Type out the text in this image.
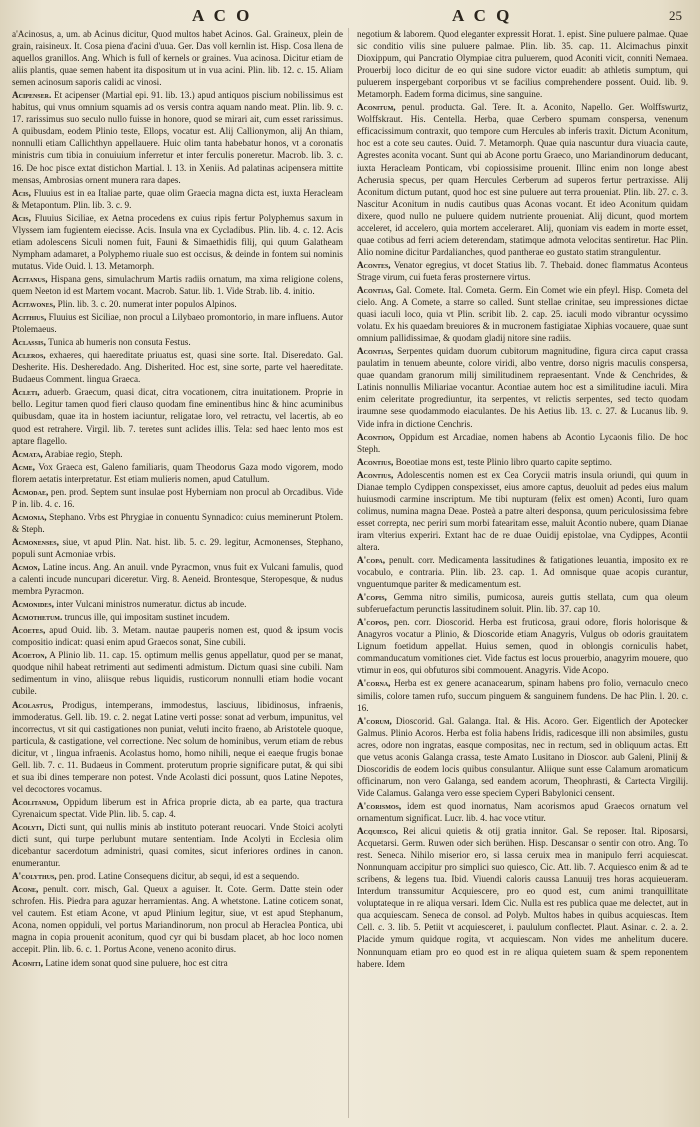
A C O	A C Q	25

a'Acinosus, a, um. ab Acinus dicitur, Quod multos habet Acinos. Gal. Graineux, plein de grain, raisineux. It. Cosa piena d'acini d'uua. Ger. Das voll kernlin ist. Hisp. Cosa llena de aquellos granillos. Ang. Which is full of kernels or graines. Vua acinosa. Dicitur etiam de aliis plantis, quae semen habent ita dispositum ut in vua acini. Plin. lib. 12. c. 15. Aliam semen acinosum saporis calidi ac vinosi.

Acipenser. Et acipenser (Martial epi. 91. lib. 13.) apud antiquos piscium nobilissimus est habitus, qui vnus omnium squamis ad os versis contra aquam nando meat. Plin. lib. 9. c. 17. rarissimus suo seculo nullo fuisse in honore, quod se mirari ait, cum esset rarissimus. A quibusdam, eodem Plinio teste, Ellops, vocatur est. Alij Callionymon, alij An thiam, nonnulli etiam Callichthyn appellauere. Huic olim tanta habebatur honos, vt a coronatis ministris cum tibia in conuiuium inferretur et inter ferculis poneretur. Macrob. lib. 3. c. 16. De hoc pisce extat distichon Martial. l. 13. in Xeniis. Ad palatinas acipensera mittite mensas, Ambrosias ornent munera rara dapes.

Acis, Fluuius est in ea Italiae parte, quae olim Graecia magna dicta est, iuxta Heracleam & Metapontum. Plin. lib. 3. c. 9.

Acis, Fluuius Siciliae, ex Aetna procedens ex cuius ripis fertur Polyphemus saxum in Vlyssem iam fugientem eiecisse. Acis. Insula vna ex Cycladibus. Plin. lib. 4. c. 12. Acis etiam adolescens Siculi nomen fuit, Fauni & Simaethidis filij, qui quum Galatheam Nympham adamaret, a Polyphemo riuale suo est occisus, & deinde in fontem sui nominis mutatus. Vide Ouid. l. 13. Metamorph.

Acitanus, Hispana gens, simulachrum Martis radiis ornatum, ma xima religione colens, quem Neeton id est Martem vocant. Macrob. Satur. lib. 1. Vide Strab. lib. 4. initio.

Acitavones, Plin. lib. 3. c. 20. numerat inter populos Alpinos.

Acithius, Fluuius est Siciliae, non procul a Lilybaeo promontorio, in mare influens. Autor Ptolemaeus.

Aclassis, Tunica ab humeris non consuta Festus.

Acleros, exhaeres, qui haereditate priuatus est, quasi sine sorte. Ital. Diseredato. Gal. Desherite. His. Desheredado. Ang. Disherited. Hoc est, sine sorte, parte vel haereditate. Budaeus Comment. lingua Graeca.

Acleti, aduerb. Graecum, quasi dicat, citra vocationem, citra inuitationem. Proprie in bello. Legitur tamen quod fieri clauso quodam fine eminentibus hinc & hinc acuminibus quibusdam, quae ita in hostem iaciuntur, religatae loro, vel retractu, vel lacertis, ab eo quod est retrahere. Virgil. lib. 7. teretes sunt aclides illis. Tela: sed haec lento mos est aptare flagello.

Acmata, Arabiae regio, Steph.

Acme, Vox Graeca est, Galeno familiaris, quam Theodorus Gaza modo vigorem, modo florem aetatis interpretatur. Est etiam mulieris nomen, apud Catullum.

Acmodae, pen. prod. Septem sunt insulae post Hyberniam non procul ab Orcadibus. Vide P in. lib. 4. c. 16.

Acmonia, Stephano. Vrbs est Phrygiae in conuentu Synnadico: cuius meminerunt Ptolem. & Steph.

Acmonenses, siue, vt apud Plin. Nat. hist. lib. 5. c. 29. legitur, Acmonenses, Stephano, populi sunt Acmoniae vrbis.

Acmon, Latine incus. Ang. An anuil. vnde Pyracmon, vnus fuit ex Vulcani famulis, quod a calenti incude nuncupari diceretur. Virg. 8. Aeneid. Brontesque, Steropesque, & nudus membra Pyracmon.

Acmonides, inter Vulcani ministros numeratur. dictus ab incude.

Acmothetum. truncus ille, qui impositam sustinet incudem.

Acoetes, apud Ouid. lib. 3. Metam. nautae pauperis nomen est, quod & ipsum vocis compositio indicat: quasi enim apud Graecos sonat, Sine cubili.

Acoeton, A Plinio lib. 11. cap. 15. optimum mellis genus appellatur, quod per se manat, quodque nihil habeat retrimenti aut sedimenti admistum. Dictum quasi sine cubili. Nam sedimentum in vino, aliisque rebus liquidis, rusticorum nonnulli etiam hodie vocant cubile.

Acolastus, Prodigus, intemperans, immodestus, lasciuus, libidinosus, infraenis, immoderatus. Gell. lib. 19. c. 2. negat Latine verti posse: sonat ad verbum, impunitus, vel incorrectus, vt sit qui castigationes non puniat, veluti incito fraeno, ab Aristotele quoque, particula, & castigatione, vel correctione. Nec solum de hominibus, verum etiam de rebus dicitur, vt , lingua infraenis. Acolastus homo, homo nihili, neque ei eaeque frugis bonae Gell. lib. 7. c. 11. Budaeus in Comment. proterutum proprie significare putat, & qui sibi et sua ibi dines temperare non potest. Vnde Acolasti dici possunt, quos Latine Nepotes, vel decoctores vocamus.

Acolitanum, Oppidum liberum est in Africa proprie dicta, ab ea parte, qua tractura Cyrenaicum spectat. Vide Plin. lib. 5. cap. 4.

Acolyti, Dicti sunt, qui nullis minis ab instituto poterant reuocari. Vnde Stoici acolyti dicti sunt, qui turpe perlubunt mutare sententiam. Inde Acolyti in Ecclesia olim dicebantur sacerdotum administri, quasi comites, sicut inferiores ordines in canon. enumerantur.

A'colythus, pen. prod. Latine Consequens dicitur, ab sequi, id est a sequendo.

Acone, penult. corr. misch, Gal. Queux a aguiser. It. Cote. Germ. Datte stein oder schrofen. His. Piedra para aguzar herramientas. Ang. A whetstone. Latine coticem sonat, vel cautem. Est etiam Acone, vt apud Plinium legitur, siue, vt est apud Stephanum, Acona, nomen oppiduli, vel portus Mariandinorum, non procul ab Heraclea Pontica, ubi magna in copia prouenit aconitum, quod cyr qui bi busdam placet, ab hoc loco nomen accepit. Plin. lib. 6. c. 1. Portus Acone, veneno aconito dirus.

Aconiti, Latine idem sonat quod sine puluere, hoc est citra

negotium & laborem. Quod eleganter expressit Horat. 1. epist. Sine puluere palmae. Quae sic conditio vilis sine puluere palmae. Plin. lib. 35. cap. 11. Alcimachus pinxit Dioxippum, qui Pancratio Olympiae citra puluerem, quod Aconiti vicit, conniti Nemaea. Prouerbij loco dicitur de eo qui sine sudore victor euadit: ab athletis sumptum, qui puluerem inspergebant corporibus vt se facilius comprehendere possent. Ouid. lib. 9. Metamorph. Eadem forma dicimus, sine sanguine.

Aconitum, penul. producta. Gal. Tere. It. a. Aconito, Napello. Ger. Wolffswurtz, Wolffskraut. His. Centella. Herba, quae Cerbero spumam conspersa, venenum efficacissimum contraxit, quo tempore cum Hercules ab inferis traxit. Dictum Aconitum, hoc est a cote seu cautes. Ouid. 7. Metamorph. Quae quia nascuntur dura viuacia caute, Agrestes aconita vocant. Sunt qui ab Acone portu Graeco, uno Mariandinorum deducant, iuxta Heracleam Ponticam, vbi copiossisime prouenit. Illinc enim non longe abest Acherusia specus, per quam Hercules Cerberum ad superos fertur pertraxisse. Alij Aconitum dictum putant, quod hoc est sine puluere aut terra proueniat. Plin. lib. 27. c. 3. Nascitur Aconitum in nudis cautibus quas Aconas vocant. Et ideo Aconitum quidam dixere, quod nullo ne puluere quidem nutriente proueniat. Alij dicunt, quod mortem acceleret, id accelero, quia mortem acceleraret. Alij, quoniam vis eadem in morte esset, quae cotibus ad ferri aciem deterendam, statimque admota velocitas sentiretur. Hac Plin. Alio nomine dicitur Pardalianches, quod pantherae eo gustato statim strangulentur.

Acontes, Venator egregius, vt docet Statius lib. 7. Thebaid. donec flammatus Aconteus Strage virum, cui fueta feras prosternere virtus.

Acontias, Gal. Comete. Ital. Cometa. Germ. Ein Comet wie ein pfeyl. Hisp. Cometa del cielo. Ang. A Comete, a starre so called. Sunt stellae crinitae, seu impressiones dictae quasi iaculi loco, quia vt Plin. scribit lib. 2. cap. 25. iaculi modo vibrantur ocyssimo volatu. Ex his quaedam breuiores & in mucronem fastigiatae Xiphias vocauere, quae sunt omnium pallidissimae, & quodam gladij nitore sine radiis.

Acontias, Serpentes quidam duorum cubitorum magnitudine, figura circa caput crassa paulatim in tenuem abeunte, colore viridi, albo ventre, dorso nigris maculis conspersa, quae quandam granorum milij similitudinem repraesentant. Vnde & Cenchrides, & Latinis nonnullis Miliariae vocantur. Acontiae autem hoc est a similitudine iaculi. Mira enim celeritate progrediuntur, ita serpentes, vt relictis serpentes, sed tecto quodam iraumne sese quodammodo eiaculantes. De his Aetius lib. 13. c. 27. & Lucanus lib. 9. Vide infra in dictione Cenchris.

Acontion, Oppidum est Arcadiae, nomen habens ab Acontio Lycaonis filio. De hoc Steph.

Acontius, Boeotiae mons est, teste Plinio libro quarto capite septimo.

Acontius, Adolescentis nomen est ex Cea Corycii matris insula oriundi, qui quum in Dianae templo Cydippen conspexisset, eius amore captus, deuoluit ad pedes eius malum huiusmodi carmine inscriptum. Me tibi nupturam (felix est omen) Aconti, Iuro quam colimus, numina magna Deae. Posteà a patre alteri desponsa, quum periculosissima febre esset correpta, nec periri sum morbi fatearitam esse, maluit Acontio nubere, quam Dianae iram vlterius experiri. Extant hac de re duae Ouidij epistolae, vna Cydippes, Acontii altera.

A'copa, penult. corr. Medicamenta lassitudines & fatigationes leuantia, imposito ex re vocabulo, e contraria. Plin. lib. 23. cap. 1. Ad omnisque quae acopis curantur, vnguentumque pariter & medicamentum est.

A'copis, Gemma nitro similis, pumicosa, aureis guttis stellata, cum qua oleum subferuefactum perunctis lassitudinem soluit. Plin. lib. 37. cap 10.

A'copos, pen. corr. Dioscorid. Herba est fruticosa, graui odore, floris holorisque & Anagyros vocatur a Plinio, & Dioscoride etiam Anagyris, Vulgus ob odoris grauitatem Lignum foetidum appellat. Huius semen, quod in oblongis corniculis habet, commanducatum vomitiones ciet. Vide factus est locus prouerbio, anagyrim mouere, quo vtimur in eos, qui obfuturos sibi commouent. Anagyris. Vide Acopo.

A'corna, Herba est ex genere acanacearum, spinam habens pro folio, vernaculo cneco similis, colore tamen rufo, succum pinguem & sanguinem fundens. De hac Plin. l. 20. c. 16.

A'corum, Dioscorid. Gal. Galanga. Ital. & His. Acoro. Ger. Eigentlich der Apotecker Galmus. Plinio Acoros. Herba est folia habens Iridis, radicesque illi non absimiles, gustu acres, odore non ingratas, easque compositas, nec in rectum, sed in obliquum actas. Ett que vetus aconis Galanga crassa, teste Amato Lusitano in Dioscor. aub Galeni, Plinij & Dioscoridis de eodem locis quibus consulantur. Aliique sunt esse Calamum aromaticum officinarum, non vero Galanga, sed eandem acorum, Theophrasti, & Cartecta Virgilij. Vide Calamus. Galanga vero esse speciem Cyperi Babylonici censent.

A'corismos, idem est quod inornatus, Nam acorismos apud Graecos ornatum vel ornamentum significat. Lucr. lib. 4. hac voce vtitur.

Acquiesco, Rei alicui quietis & otij gratia innitor. Gal. Se reposer. Ital. Riposarsi, Acquetarsi. Germ. Ruwen oder sich berühen. Hisp. Descansar o sentir con otro. Ang. To rest. Seneca. Nihilo miserior ero, si lassa ceruix mea in manipulo ferri acquiescat. Nonnunquam accipitur pro simplici suo quiesco, Cic. Att. lib. 7. Acquiesco enim & ad te scribens, & legens tua. Ibid. Viuendi caloris caussa Lanuuij tres horas acquieueram. Interdum transsumitur Acquiescere, pro eo quod est, cum animi tranquillitate voluptateque in re aliqua versari. Idem Cic. Nulla est res publica quae me delectet, aut in qua acquiescam. Seneca de consol. ad Polyb. Multos habes in quibus acquiescas. Item Cell. c. 3. lib. 5. Petiit vt acquiesceret, i. paululum conflectet. Plaut. Asinar. c. 2. a. 2. Placide ymum quidque rogita, vt acquiescam. Non vides me anhelitum ducere. Nonnunquam etiam pro eo quod est in re aliqua quietem suam & spem reponentem habere. Idem
